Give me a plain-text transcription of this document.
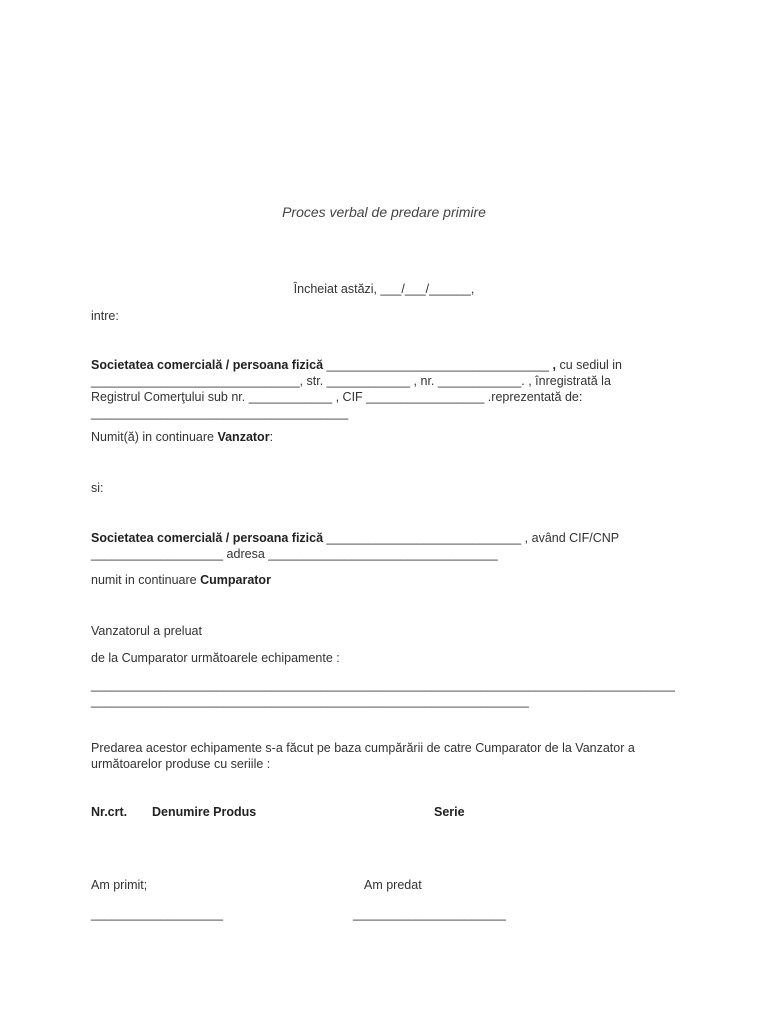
Proces verbal de predare primire
Încheiat astăzi, ___/___/______,
intre:
Societatea comercială / persoana fizică ________________________________ , cu sediul in
______________________________, str. ____________ , nr. ____________. , înregistrată la
Registrul Comerţului sub nr. ____________ , CIF _________________ .reprezentată de:
_____________________________________
Numit(ă) in continuare Vanzator:
si:
Societatea comercială / persoana fizică ____________________________ , având CIF/CNP
___________________ adresa _________________________________
numit in continuare Cumparator
Vanzatorul a preluat
de la Cumparator următoarele echipamente :
____________________________________________________________________________________
_______________________________________________________________
Predarea acestor echipamente s-a făcut pe baza cumpărării de catre Cumparator de la Vanzator a
următoarelor produse cu seriile :
Nr.crt. Denumire Produs	Serie
Am primit;	Am predat
___________________	______________________
